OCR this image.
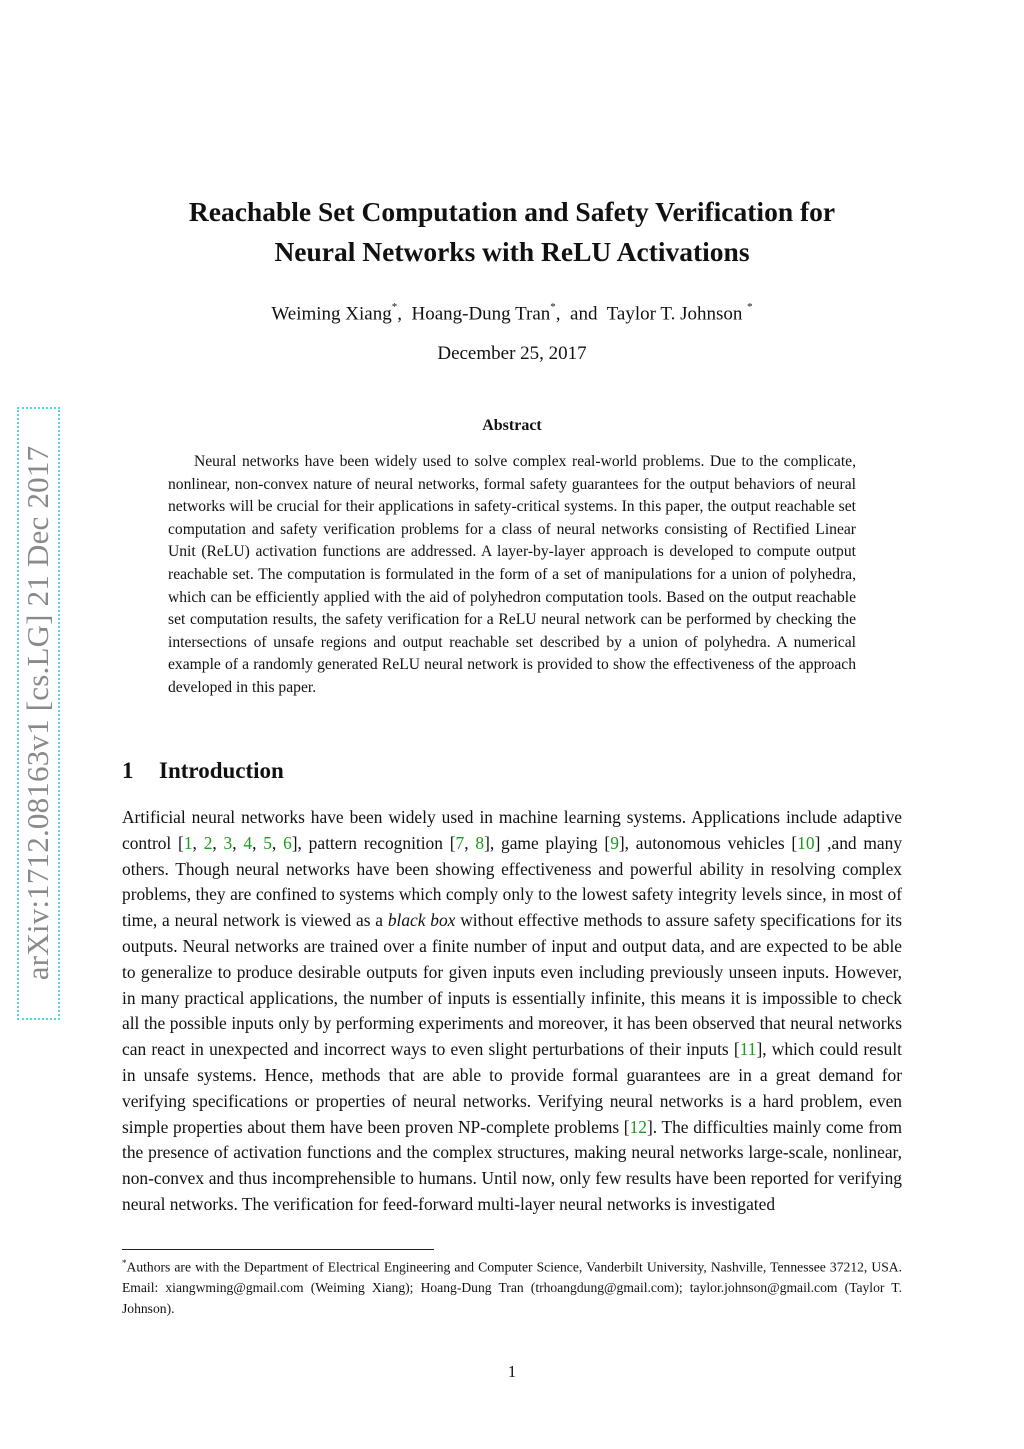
arXiv:1712.08163v1 [cs.LG] 21 Dec 2017
Reachable Set Computation and Safety Verification for
Neural Networks with ReLU Activations
Weiming Xiang*,  Hoang-Dung Tran*,  and Taylor T. Johnson *
December 25, 2017
Abstract
Neural networks have been widely used to solve complex real-world problems. Due to the complicate, nonlinear, non-convex nature of neural networks, formal safety guarantees for the output behaviors of neural networks will be crucial for their applications in safety-critical systems. In this paper, the output reachable set computation and safety verification problems for a class of neural networks consisting of Rectified Linear Unit (ReLU) activation functions are addressed. A layer-by-layer approach is developed to compute output reachable set. The computation is formulated in the form of a set of manipulations for a union of polyhedra, which can be efficiently applied with the aid of polyhedron computation tools. Based on the output reachable set computation results, the safety verification for a ReLU neural network can be performed by checking the intersections of unsafe regions and output reachable set described by a union of polyhedra. A numerical example of a randomly generated ReLU neural network is provided to show the effectiveness of the approach developed in this paper.
1 Introduction
Artificial neural networks have been widely used in machine learning systems. Applications include adaptive control [1, 2, 3, 4, 5, 6], pattern recognition [7, 8], game playing [9], autonomous vehicles [10] ,and many others. Though neural networks have been showing effectiveness and powerful ability in resolving complex problems, they are confined to systems which comply only to the lowest safety integrity levels since, in most of time, a neural network is viewed as a black box without effective methods to assure safety specifications for its outputs. Neural networks are trained over a finite number of input and output data, and are expected to be able to generalize to produce desirable outputs for given inputs even including previously unseen inputs. However, in many practical applications, the number of inputs is essentially infinite, this means it is impossible to check all the possible inputs only by performing experiments and moreover, it has been observed that neural networks can react in unexpected and incorrect ways to even slight perturbations of their inputs [11], which could result in unsafe systems. Hence, methods that are able to provide formal guarantees are in a great demand for verifying specifications or properties of neural networks. Verifying neural networks is a hard problem, even simple properties about them have been proven NP-complete problems [12]. The difficulties mainly come from the presence of activation functions and the complex structures, making neural networks large-scale, nonlinear, non-convex and thus incomprehensible to humans. Until now, only few results have been reported for verifying neural networks. The verification for feed-forward multi-layer neural networks is investigated
*Authors are with the Department of Electrical Engineering and Computer Science, Vanderbilt University, Nashville, Tennessee 37212, USA. Email: xiangwming@gmail.com (Weiming Xiang); Hoang-Dung Tran (trhoangdung@gmail.com); taylor.johnson@gmail.com (Taylor T. Johnson).
1
